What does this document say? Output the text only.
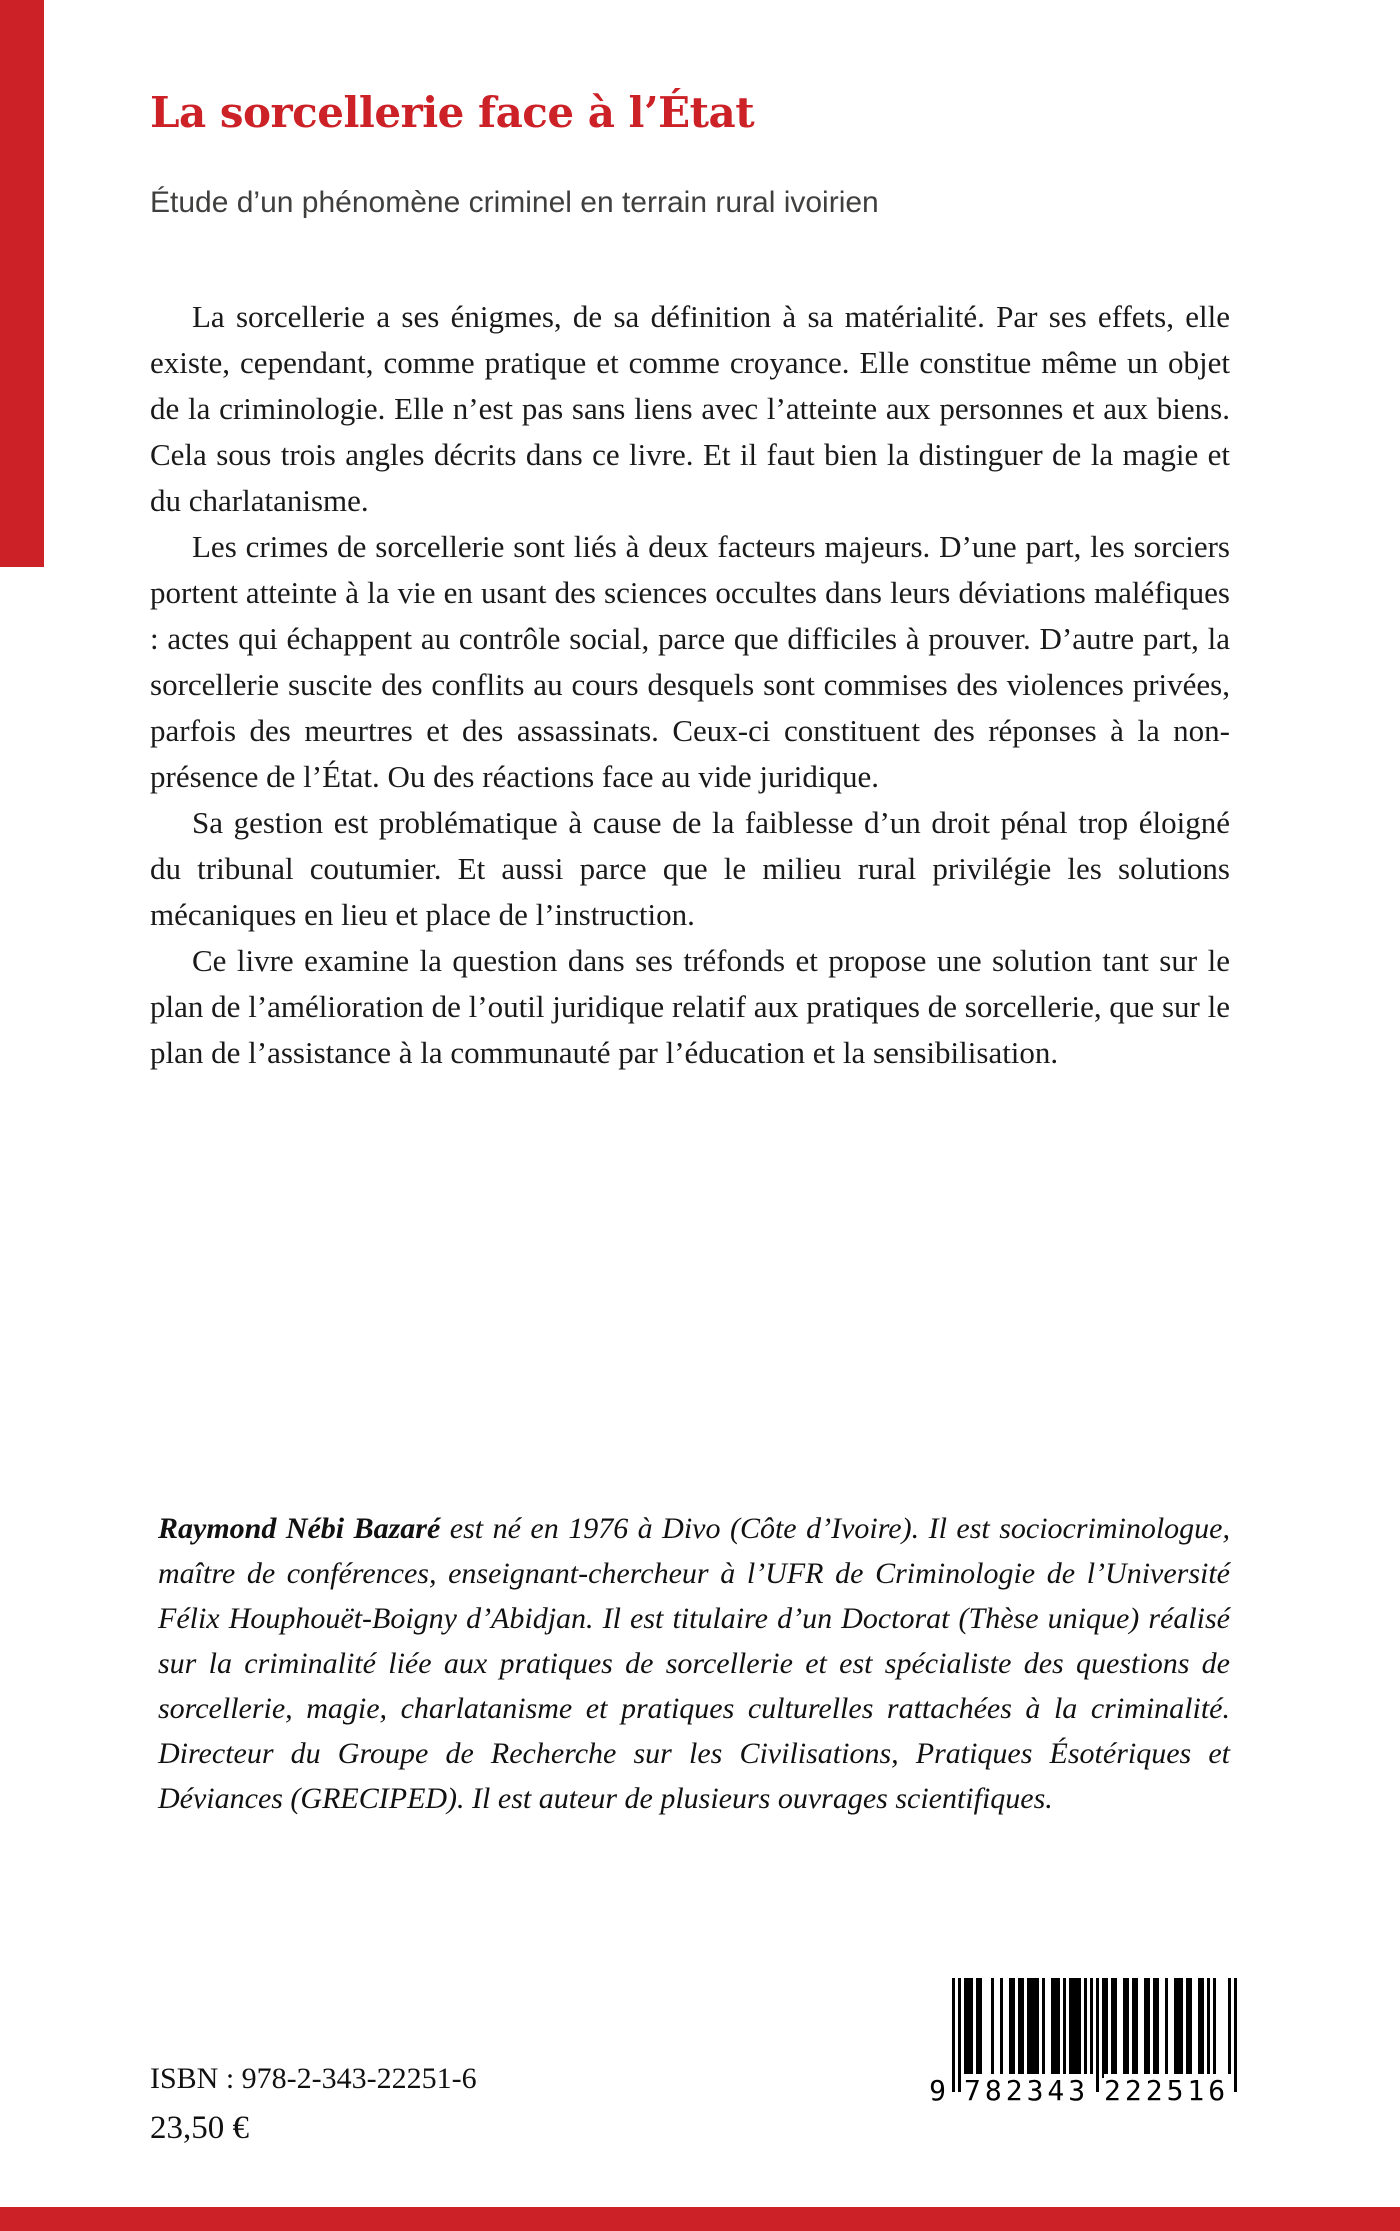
La sorcellerie face à l’État
Étude d’un phénomène criminel en terrain rural ivoirien

La sorcellerie a ses énigmes, de sa définition à sa matérialité. Par ses effets, elle existe, cependant, comme pratique et comme croyance. Elle constitue même un objet de la criminologie. Elle n’est pas sans liens avec l’atteinte aux personnes et aux biens. Cela sous trois angles décrits dans ce livre. Et il faut bien la distinguer de la magie et du charlatanisme.

Les crimes de sorcellerie sont liés à deux facteurs majeurs. D’une part, les sorciers portent atteinte à la vie en usant des sciences occultes dans leurs déviations maléfiques : actes qui échappent au contrôle social, parce que difficiles à prouver. D’autre part, la sorcellerie suscite des conflits au cours desquels sont commises des violences privées, parfois des meurtres et des assassinats. Ceux-ci constituent des réponses à la non-présence de l’État. Ou des réactions face au vide juridique.

Sa gestion est problématique à cause de la faiblesse d’un droit pénal trop éloigné du tribunal coutumier. Et aussi parce que le milieu rural privilégie les solutions mécaniques en lieu et place de l’instruction.

Ce livre examine la question dans ses tréfonds et propose une solution tant sur le plan de l’amélioration de l’outil juridique relatif aux pratiques de sorcellerie, que sur le plan de l’assistance à la communauté par l’éducation et la sensibilisation.

Raymond Nébi Bazaré est né en 1976 à Divo (Côte d’Ivoire). Il est sociocriminologue, maître de conférences, enseignant-chercheur à l’UFR de Criminologie de l’Université Félix Houphouët-Boigny d’Abidjan. Il est titulaire d’un Doctorat (Thèse unique) réalisé sur la criminalité liée aux pratiques de sorcellerie et est spécialiste des questions de sorcellerie, magie, charlatanisme et pratiques culturelles rattachées à la criminalité. Directeur du Groupe de Recherche sur les Civilisations, Pratiques Ésotériques et Déviances (GRECIPED). Il est auteur de plusieurs ouvrages scientifiques.
ISBN : 978-2-343-22251-6
23,50 €
9 782343 222516
